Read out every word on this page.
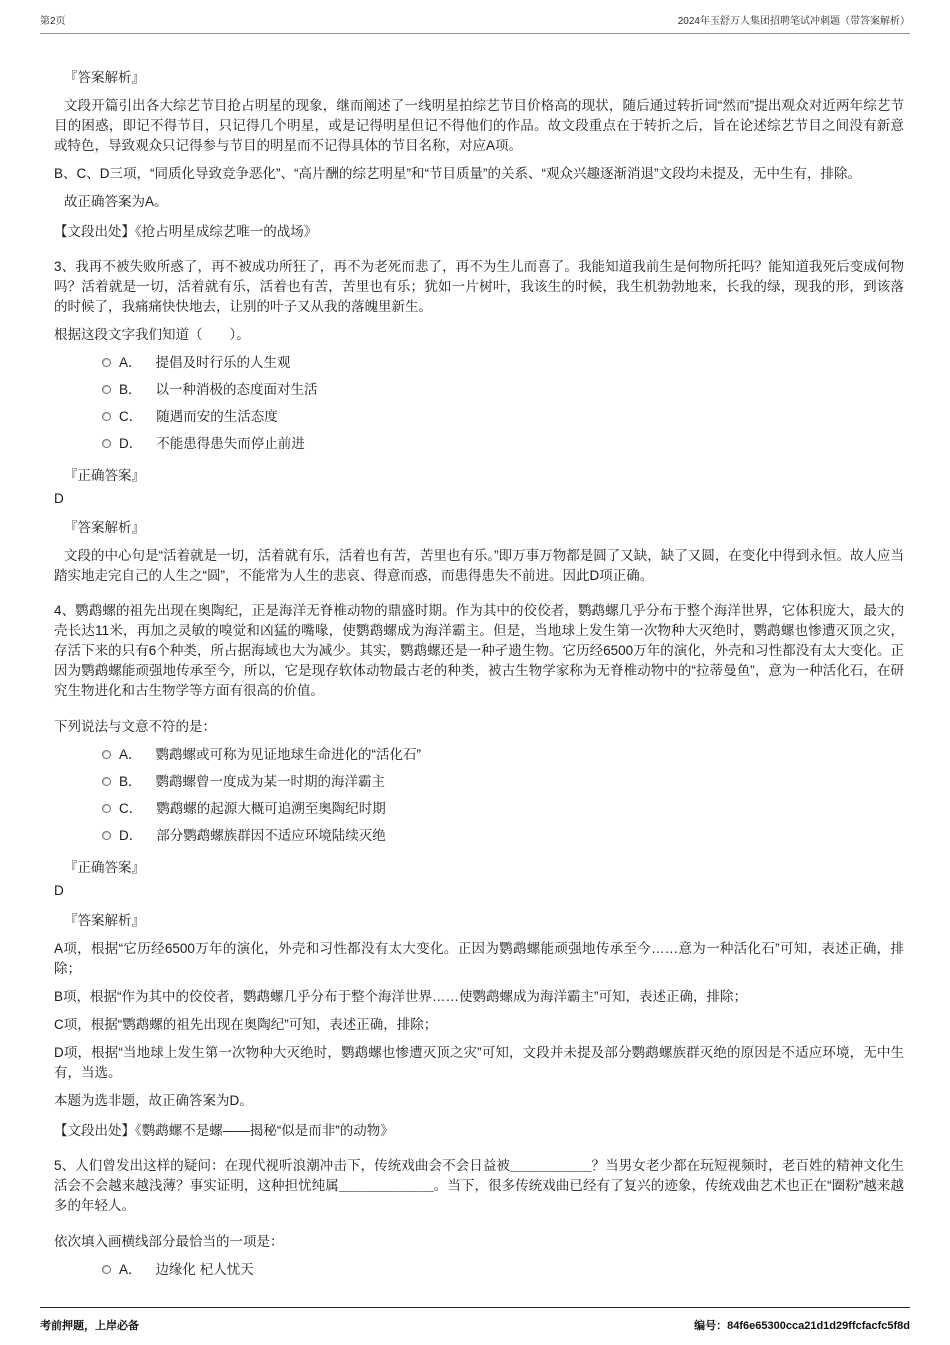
第2页	2024年玉舒万人集团招聘笔试冲刺题（带答案解析）

『答案解析』

文段开篇引出各大综艺节目抢占明星的现象，继而阐述了一线明星拍综艺节目价格高的现状，随后通过转折词“然而”提出观众对近两年综艺节目的困惑，即记不得节目，只记得几个明星，或是记得明星但记不得他们的作品。故文段重点在于转折之后，旨在论述综艺节目之间没有新意或特色，导致观众只记得参与节目的明星而不记得具体的节目名称，对应A项。

B、C、D三项，“同质化导致竞争恶化”、“高片酬的综艺明星”和“节目质量”的关系、“观众兴趣逐渐消退”文段均未提及，无中生有，排除。

故正确答案为A。

【文段出处】《抢占明星成综艺唯一的战场》

3、我再不被失败所惑了，再不被成功所狂了，再不为老死而悲了，再不为生儿而喜了。我能知道我前生是何物所托吗？能知道我死后变成何物吗？活着就是一切，活着就有乐，活着也有苦，苦里也有乐；犹如一片树叶，我该生的时候，我生机勃勃地来，长我的绿，现我的形，到该落的时候了，我痛痛快快地去，让别的叶子又从我的落魄里新生。

根据这段文字我们知道（　　）。

A． 提倡及时行乐的人生观
B． 以一种消极的态度面对生活
C． 随遇而安的生活态度
D． 不能患得患失而停止前进

『正确答案』

D

『答案解析』

文段的中心句是“活着就是一切，活着就有乐，活着也有苦，苦里也有乐。”即万事万物都是圆了又缺，缺了又圆，在变化中得到永恒。故人应当踏实地走完自己的人生之“圆”，不能常为人生的悲哀、得意而惑，而患得患失不前进。因此D项正确。

4、鹦鹉螺的祖先出现在奥陶纪，正是海洋无脊椎动物的鼎盛时期。作为其中的佼佼者，鹦鹉螺几乎分布于整个海洋世界，它体积庞大，最大的壳长达11米，再加之灵敏的嗅觉和凶猛的嘴喙，使鹦鹉螺成为海洋霸主。但是，当地球上发生第一次物种大灭绝时，鹦鹉螺也惨遭灭顶之灾，存活下来的只有6个种类，所占据海域也大为减少。其实，鹦鹉螺还是一种孑遗生物。它历经6500万年的演化，外壳和习性都没有太大变化。正因为鹦鹉螺能顽强地传承至今，所以，它是现存软体动物最古老的种类，被古生物学家称为无脊椎动物中的“拉蒂曼鱼”，意为一种活化石，在研究生物进化和古生物学等方面有很高的价值。

下列说法与文意不符的是：

A． 鹦鹉螺或可称为见证地球生命进化的“活化石”
B． 鹦鹉螺曾一度成为某一时期的海洋霸主
C． 鹦鹉螺的起源大概可追溯至奥陶纪时期
D． 部分鹦鹉螺族群因不适应环境陆续灭绝

『正确答案』

D

『答案解析』

A项，根据“它历经6500万年的演化，外壳和习性都没有太大变化。正因为鹦鹉螺能顽强地传承至今……意为一种活化石”可知，表述正确，排除；

B项，根据“作为其中的佼佼者，鹦鹉螺几乎分布于整个海洋世界……使鹦鹉螺成为海洋霸主”可知，表述正确，排除；

C项，根据“鹦鹉螺的祖先出现在奥陶纪”可知，表述正确，排除；

D项，根据“当地球上发生第一次物种大灭绝时，鹦鹉螺也惨遭灭顶之灾”可知，文段并未提及部分鹦鹉螺族群灭绝的原因是不适应环境，无中生有，当选。

本题为选非题，故正确答案为D。

【文段出处】《鹦鹉螺不是螺——揭秘“似是而非”的动物》

5、人们曾发出这样的疑问：在现代视听浪潮冲击下，传统戏曲会不会日益被＿＿＿＿＿＿？当男女老少都在玩短视频时，老百姓的精神文化生活会不会越来越浅薄？事实证明，这种担忧纯属＿＿＿＿＿＿＿。当下，很多传统戏曲已经有了复兴的迹象，传统戏曲艺术也正在“圈粉”越来越多的年轻人。

依次填入画横线部分最恰当的一项是：

A． 边缘化 杞人忧天
考前押题，上岸必备	编号：84f6e65300cca21d1d29ffcfacfc5f8d
